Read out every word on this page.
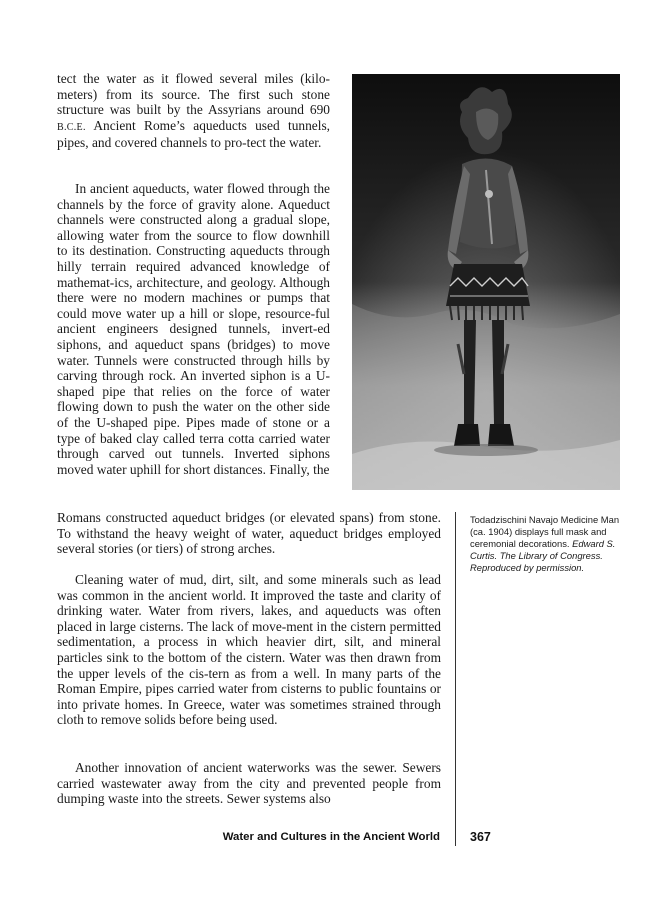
tect the water as it flowed several miles (kilo-meters) from its source. The first such stone structure was built by the Assyrians around 690 B.C.E. Ancient Rome’s aqueducts used tunnels, pipes, and covered channels to pro-tect the water.

In ancient aqueducts, water flowed through the channels by the force of gravity alone. Aqueduct channels were constructed along a gradual slope, allowing water from the source to flow downhill to its destination. Constructing aqueducts through hilly terrain required advanced knowledge of mathemat-ics, architecture, and geology. Although there were no modern machines or pumps that could move water up a hill or slope, resource-ful ancient engineers designed tunnels, invert-ed siphons, and aqueduct spans (bridges) to move water. Tunnels were constructed through hills by carving through rock. An inverted siphon is a U-shaped pipe that relies on the force of water flowing down to push the water on the other side of the U-shaped pipe. Pipes made of stone or a type of baked clay called terra cotta carried water through carved out tunnels. Inverted siphons moved water uphill for short distances. Finally, the

Romans constructed aqueduct bridges (or elevated spans) from stone. To withstand the heavy weight of water, aqueduct bridges employed several stories (or tiers) of strong arches.

Cleaning water of mud, dirt, silt, and some minerals such as lead was common in the ancient world. It improved the taste and clarity of drinking water. Water from rivers, lakes, and aqueducts was often placed in large cisterns. The lack of move-ment in the cistern permitted sedimentation, a process in which heavier dirt, silt, and mineral particles sink to the bottom of the cistern. Water was then drawn from the upper levels of the cis-tern as from a well. In many parts of the Roman Empire, pipes carried water from cisterns to public fountains or into private homes. In Greece, water was sometimes strained through cloth to remove solids before being used.

Another innovation of ancient waterworks was the sewer. Sewers carried wastewater away from the city and prevented people from dumping waste into the streets. Sewer systems also

Todadzischini Navajo Medicine Man (ca. 1904) displays full mask and ceremonial decorations. Edward S. Curtis. The Library of Congress. Reproduced by permission.
Water and Cultures in the Ancient World 367
